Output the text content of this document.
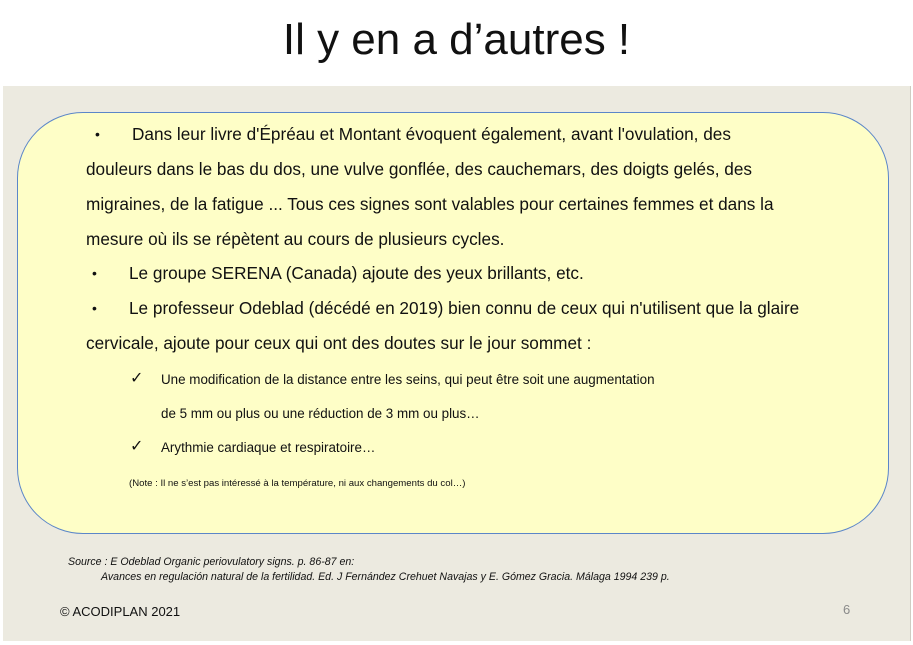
Il y en a d’autres !
• Dans leur livre d'Épréau et Montant évoquent également, avant l'ovulation, des
douleurs dans le bas du dos, une vulve gonflée, des cauchemars, des doigts gelés, des
migraines, de la fatigue ... Tous ces signes sont valables pour certaines femmes et dans la
mesure où ils se répètent au cours de plusieurs cycles.
• Le groupe SERENA (Canada) ajoute des yeux brillants, etc.
• Le professeur Odeblad (décédé en 2019) bien connu de ceux qui n'utilisent que la glaire
cervicale, ajoute pour ceux qui ont des doutes sur le jour sommet :
✓ Une modification de la distance entre les seins, qui peut être soit une augmentation
de 5 mm ou plus ou une réduction de 3 mm ou plus…
✓ Arythmie cardiaque et respiratoire…
(Note : Il ne s’est pas intéressé à la température, ni aux changements du col…)
Source : E Odeblad Organic periovulatory signs. p. 86-87 en:
Avances en regulación natural de la fertilidad. Ed. J Fernández Crehuet Navajas y E. Gómez Gracia. Málaga 1994 239 p.
© ACODIPLAN 2021	6
